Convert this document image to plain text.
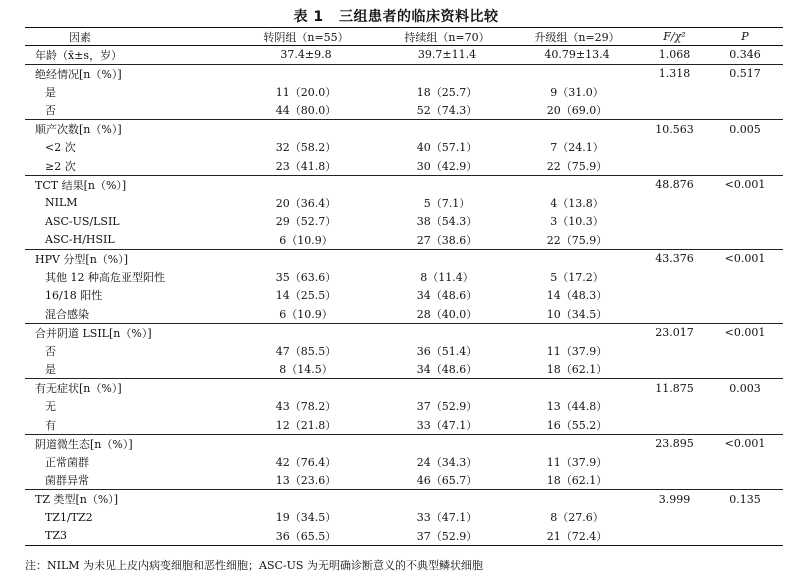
表 1 三组患者的临床资料比较
因素	转阴组（n=55）	持续组（n=70）	升级组（n=29）	F/χ²	P
年龄（x̄±s，岁）	37.4±9.8	39.7±11.4	40.79±13.4	1.068	0.346
绝经情况[n（%）]				1.318	0.517
是	11（20.0）	18（25.7）	9（31.0）		
否	44（80.0）	52（74.3）	20（69.0）		
顺产次数[n（%）]				10.563	0.005
<2 次	32（58.2）	40（57.1）	7（24.1）		
≥2 次	23（41.8）	30（42.9）	22（75.9）		
TCT 结果[n（%）]				48.876	<0.001
NILM	20（36.4）	5（7.1）	4（13.8）		
ASC-US/LSIL	29（52.7）	38（54.3）	3（10.3）		
ASC-H/HSIL	6（10.9）	27（38.6）	22（75.9）		
HPV 分型[n（%）]				43.376	<0.001
其他 12 种高危亚型阳性	35（63.6）	8（11.4）	5（17.2）		
16/18 阳性	14（25.5）	34（48.6）	14（48.3）		
混合感染	6（10.9）	28（40.0）	10（34.5）		
合并阴道 LSIL[n（%）]				23.017	<0.001
否	47（85.5）	36（51.4）	11（37.9）		
是	8（14.5）	34（48.6）	18（62.1）		
有无症状[n（%）]				11.875	0.003
无	43（78.2）	37（52.9）	13（44.8）		
有	12（21.8）	33（47.1）	16（55.2）		
阴道微生态[n（%）]				23.895	<0.001
正常菌群	42（76.4）	24（34.3）	11（37.9）		
菌群异常	13（23.6）	46（65.7）	18（62.1）		
TZ 类型[n（%）]				3.999	0.135
TZ1/TZ2	19（34.5）	33（47.1）	8（27.6）		
TZ3	36（65.5）	37（52.9）	21（72.4）		
注：NILM 为未见上皮内病变细胞和恶性细胞；ASC-US 为无明确诊断意义的不典型鳞状细胞
